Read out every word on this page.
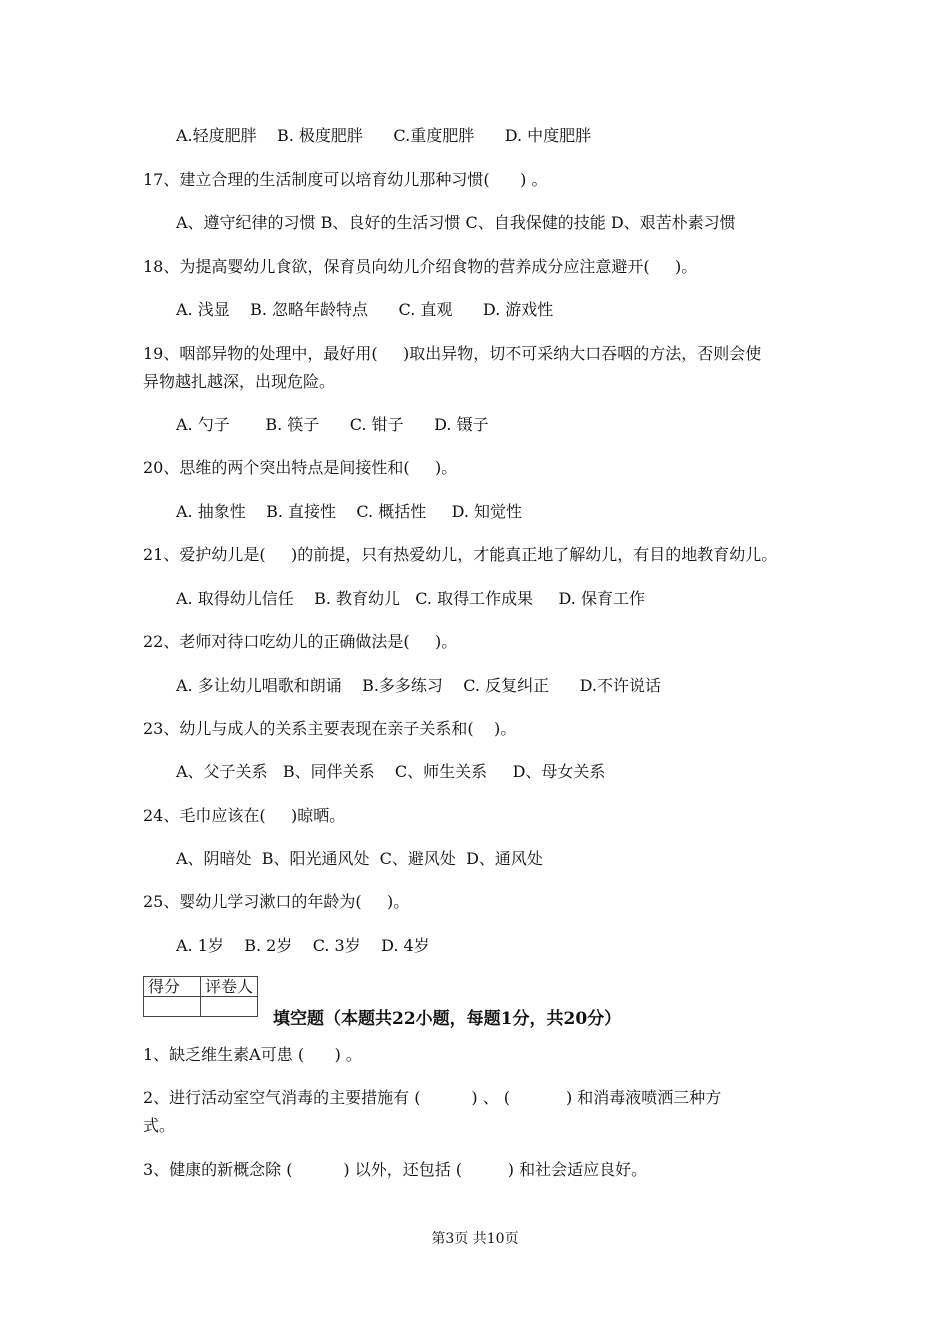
A.轻度肥胖    B. 极度肥胖      C.重度肥胖      D. 中度肥胖
17、建立合理的生活制度可以培育幼儿那种习惯(      ) 。
A、遵守纪律的习惯 B、良好的生活习惯 C、自我保健的技能 D、艰苦朴素习惯
18、为提高婴幼儿食欲，保育员向幼儿介绍食物的营养成分应注意避开(     )。
A. 浅显    B. 忽略年龄特点      C. 直观      D. 游戏性
19、咽部异物的处理中，最好用(     )取出异物，切不可采纳大口吞咽的方法，否则会使
异物越扎越深，出现危险。
A. 勺子       B. 筷子      C. 钳子      D. 镊子
20、思维的两个突出特点是间接性和(     )。
A. 抽象性    B. 直接性    C. 概括性     D. 知觉性
21、爱护幼儿是(     )的前提，只有热爱幼儿，才能真正地了解幼儿，有目的地教育幼儿。
A. 取得幼儿信任    B. 教育幼儿   C. 取得工作成果     D. 保育工作
22、老师对待口吃幼儿的正确做法是(     )。
A. 多让幼儿唱歌和朗诵    B.多多练习    C. 反复纠正      D.不许说话
23、幼儿与成人的关系主要表现在亲子关系和(    )。
A、父子关系   B、同伴关系    C、师生关系     D、母女关系
24、毛巾应该在(     )晾晒。
A、阴暗处  B、阳光通风处  C、避风处  D、通风处
25、婴幼儿学习漱口的年龄为(     )。
A. 1岁    B. 2岁    C. 3岁    D. 4岁
得分	评卷人

填空题（本题共22小题，每题1分，共20分）
1、缺乏维生素A可患 (      ) 。
2、进行活动室空气消毒的主要措施有 (          ) 、 (           ) 和消毒液喷洒三种方
式。
3、健康的新概念除 (          ) 以外，还包括 (         ) 和社会适应良好。
第3页 共10页
